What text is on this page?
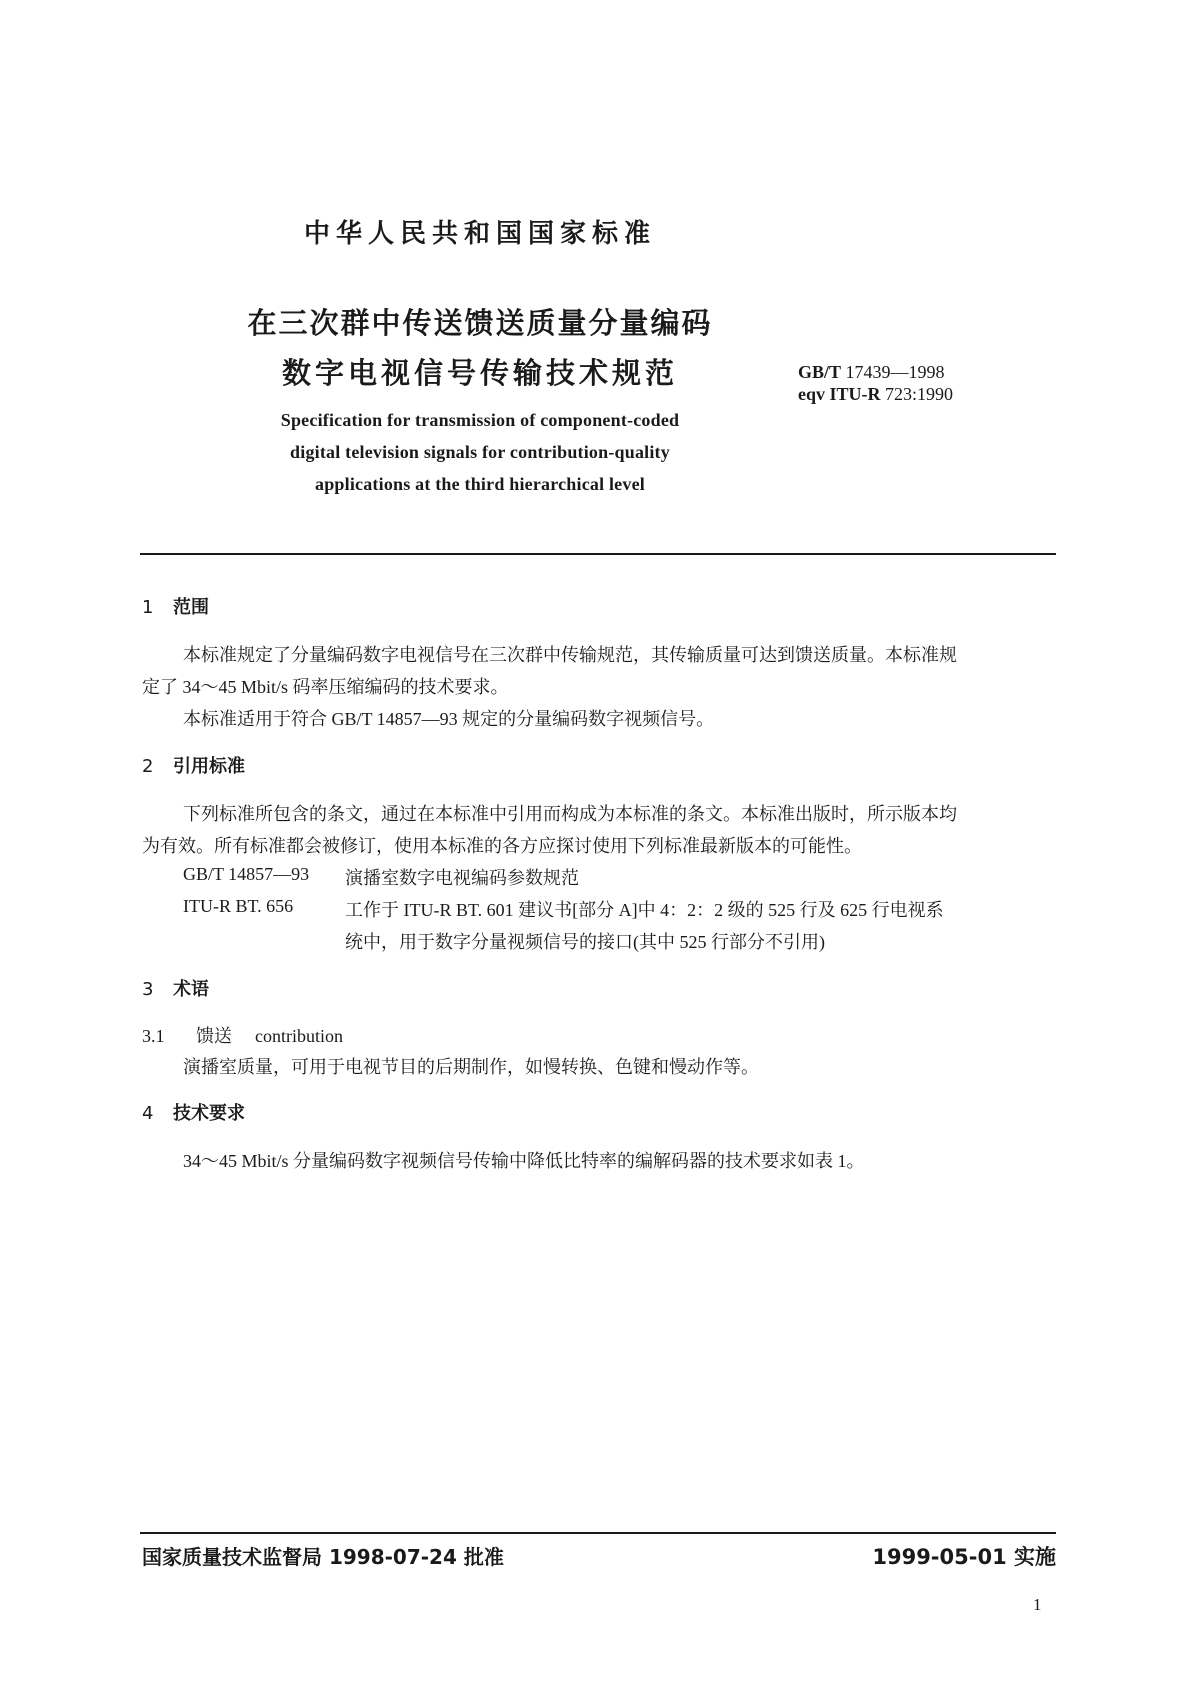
中华人民共和国国家标准
在三次群中传送馈送质量分量编码
数字电视信号传输技术规范	GB/T 17439—1998
eqv ITU-R 723:1990
Specification for transmission of component-coded
digital television signals for contribution-quality
applications at the third hierarchical level
1 范围
本标准规定了分量编码数字电视信号在三次群中传输规范，其传输质量可达到馈送质量。本标准规
定了 34～45 Mbit/s 码率压缩编码的技术要求。
本标准适用于符合 GB/T 14857—93 规定的分量编码数字视频信号。
2 引用标准
下列标准所包含的条文，通过在本标准中引用而构成为本标准的条文。本标准出版时，所示版本均
为有效。所有标准都会被修订，使用本标准的各方应探讨使用下列标准最新版本的可能性。
GB/T 14857—93 演播室数字电视编码参数规范
ITU-R BT. 656	工作于 ITU-R BT. 601 建议书[部分 A]中 4：2：2 级的 525 行及 625 行电视系
统中，用于数字分量视频信号的接口(其中 525 行部分不引用)
3 术语
3.1 馈送 contribution
演播室质量，可用于电视节目的后期制作，如慢转换、色键和慢动作等。
4 技术要求
34～45 Mbit/s 分量编码数字视频信号传输中降低比特率的编解码器的技术要求如表 1。
国家质量技术监督局 1998-07-24 批准	1999-05-01 实施
1
